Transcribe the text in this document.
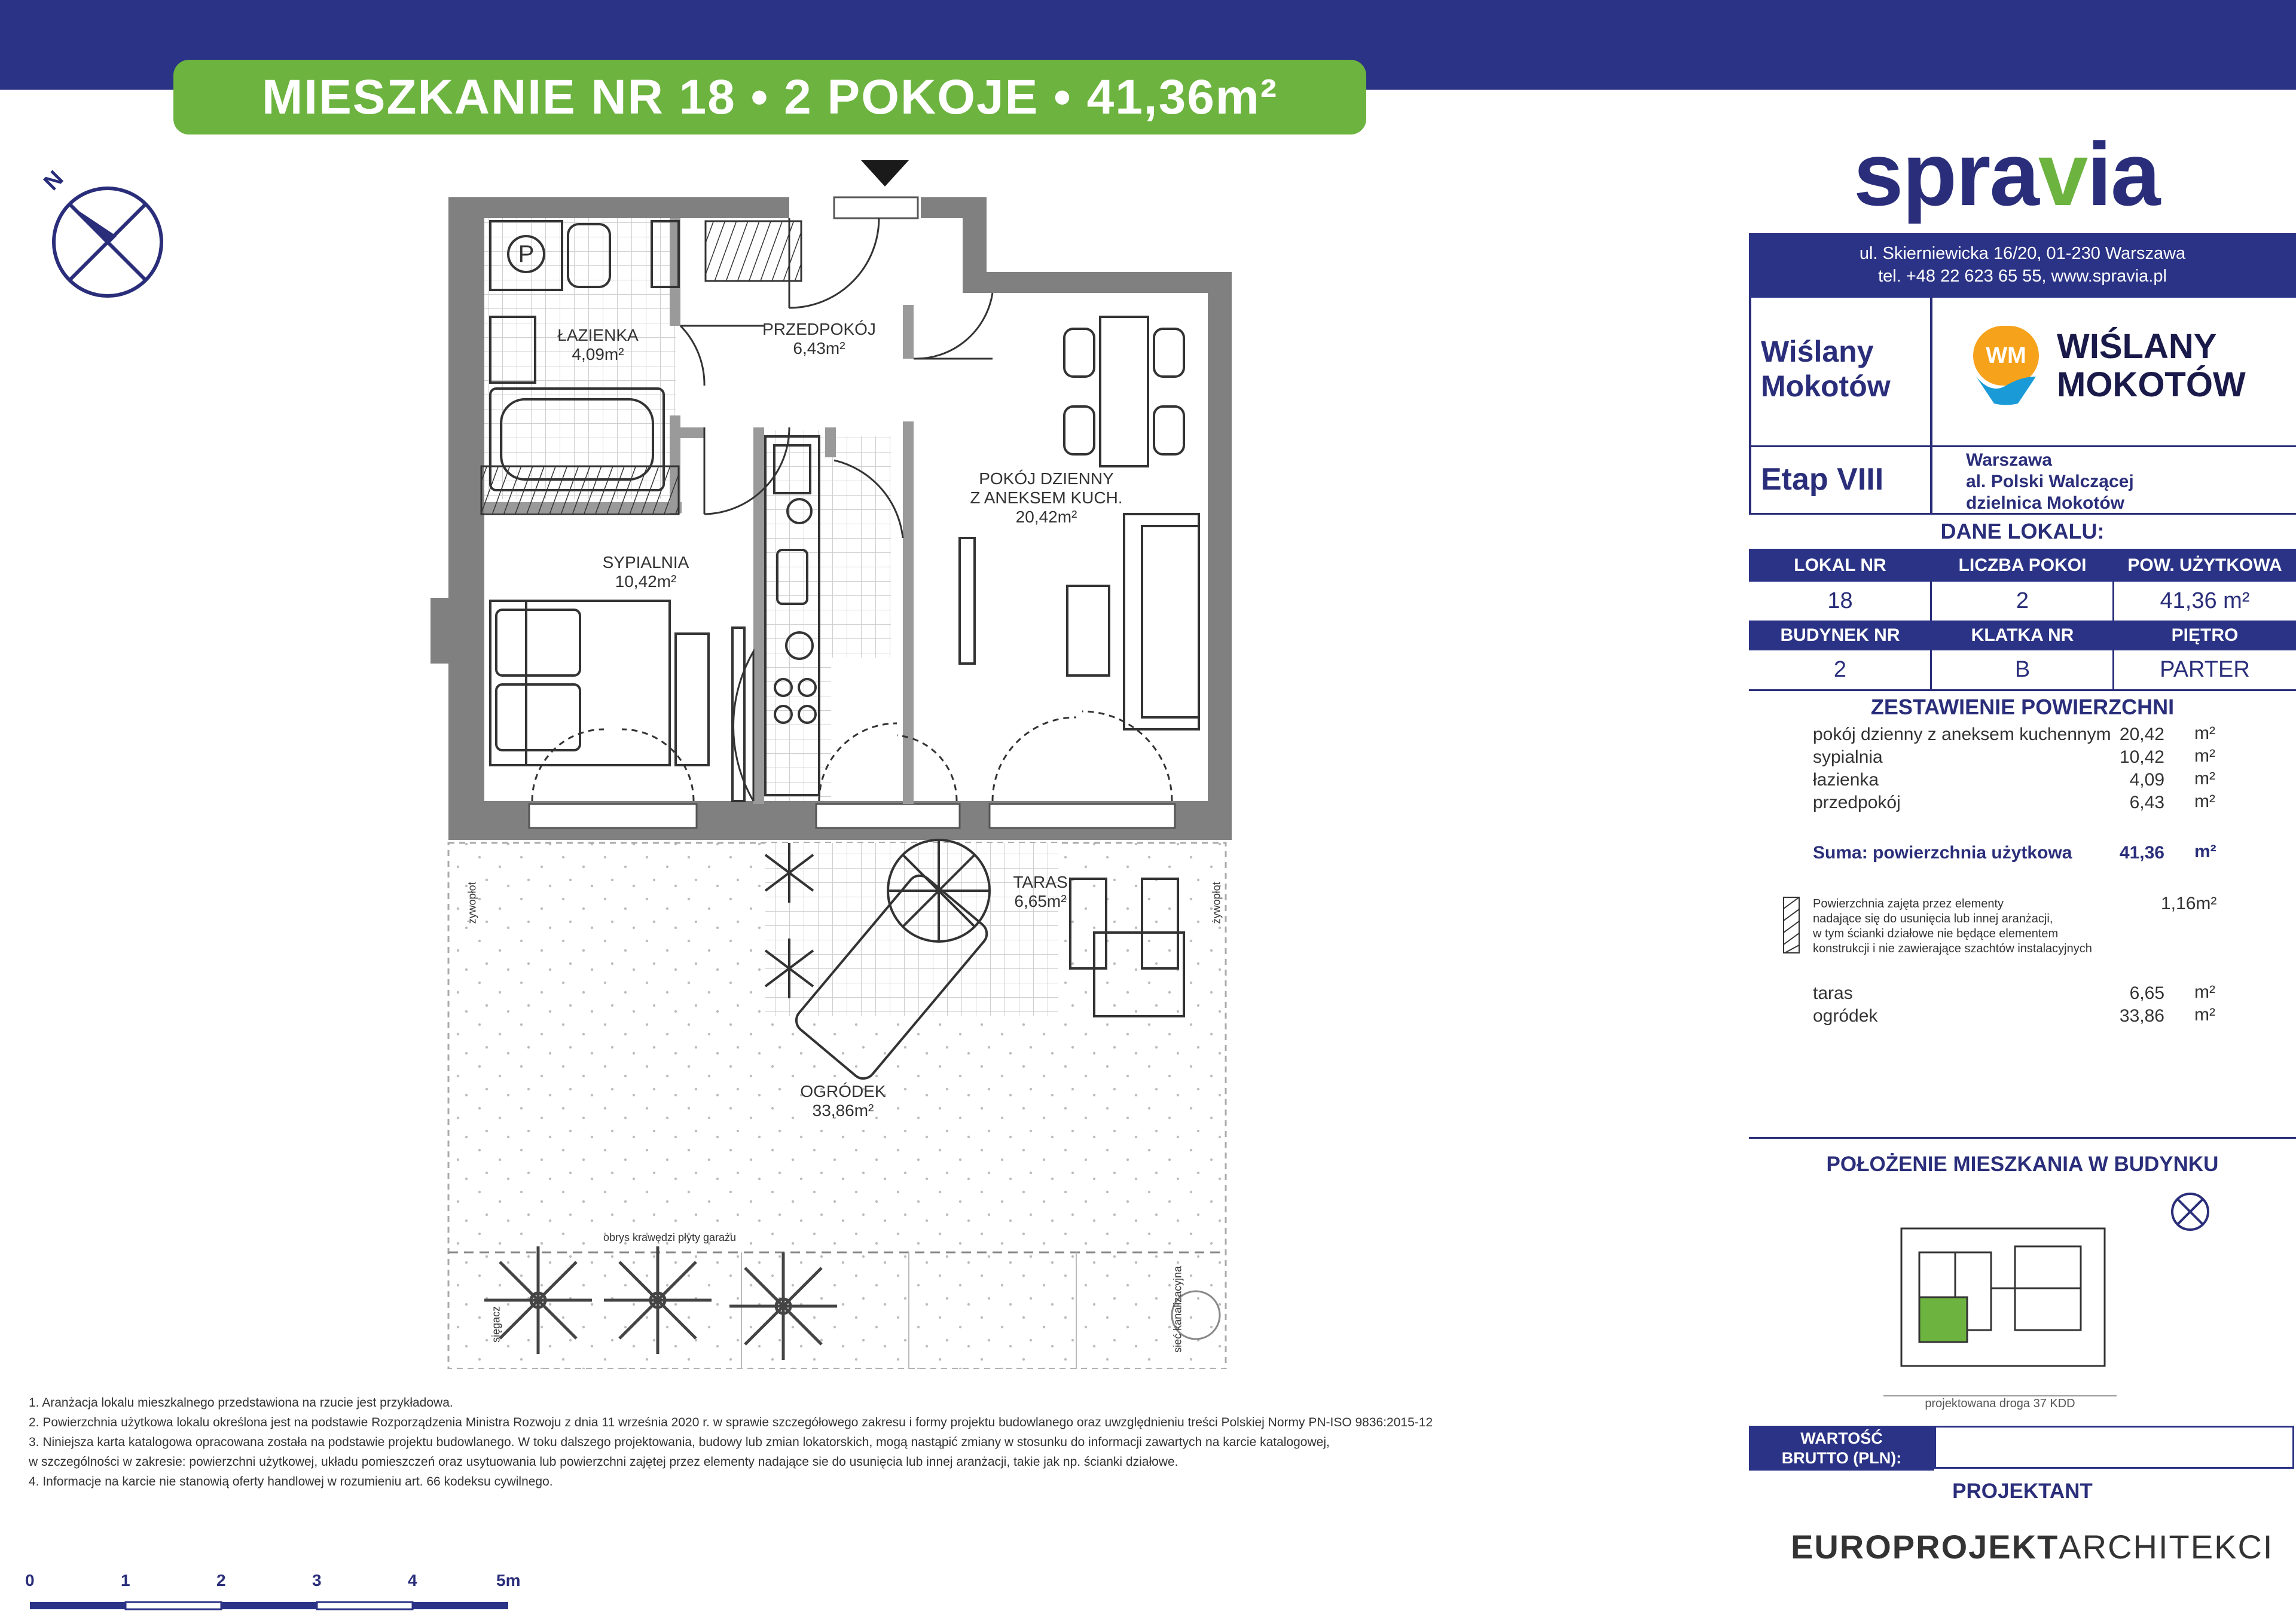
MIESZKANIE NR 18 • 2 POKOJE • 41,36m²
N
P
ŁAZIENKA
4,09m²
PRZEDPOKÓJ
6,43m²
POKÓJ DZIENNY
Z ANEKSEM KUCH.
20,42m²
SYPIALNIA
10,42m²
TARAS
6,65m²
OGRÓDEK
33,86m²
obrys krawędzi płyty garażu
żywopłot	żywopłot
sieć kanalizacyjna
sięgacz
spravia
ul. Skierniewicka 16/20, 01-230 Warszawa
tel. +48 22 623 65 55, www.spravia.pl
Wiślany
Mokotów
WM WIŚLANY
MOKOTÓW
Etap VIII
Warszawa
al. Polski Walczącej
dzielnica Mokotów
DANE LOKALU:
LOKAL NR	LICZBA POKOI	POW. UŻYTKOWA
18	2	41,36 m²
BUDYNEK NR	KLATKA NR	PIĘTRO
2	B	PARTER
ZESTAWIENIE POWIERZCHNI
pokój dzienny z aneksem kuchennym 20,42 m²
sypialnia	10,42 m²
łazienka	4,09 m²
przedpokój	6,43 m²
Suma: powierzchnia użytkowa	41,36 m²
Powierzchnia zajęta przez elementy
nadające się do usunięcia lub innej aranżacji,
w tym ścianki działowe nie będące elementem
konstrukcji i nie zawierające szachtów instalacyjnych
1,16m²
taras	6,65 m²
ogródek	33,86 m²
POŁOŻENIE MIESZKANIA W BUDYNKU
projektowana droga 37 KDD
WARTOŚĆ
BRUTTO (PLN):
PROJEKTANT
EUROPROJEKTARCHITEKCI
1. Aranżacja lokalu mieszkalnego przedstawiona na rzucie jest przykładowa.
2. Powierzchnia użytkowa lokalu określona jest na podstawie Rozporządzenia Ministra Rozwoju z dnia 11 września 2020 r. w sprawie szczegółowego zakresu i formy projektu budowlanego oraz uwzględnieniu treści Polskiej Normy PN-ISO 9836:2015-12
3. Niniejsza karta katalogowa opracowana została na podstawie projektu budowlanego. W toku dalszego projektowania, budowy lub zmian lokatorskich, mogą nastąpić zmiany w stosunku do informacji zawartych na karcie katalogowej,
w szczególności w zakresie: powierzchni użytkowej, układu pomieszczeń oraz usytuowania lub powierzchni zajętej przez elementy nadające sie do usunięcia lub innej aranżacji, takie jak np. ścianki działowe.
4. Informacje na karcie nie stanowią oferty handlowej w rozumieniu art. 66 kodeksu cywilnego.
0	1	2	3	4	5m
